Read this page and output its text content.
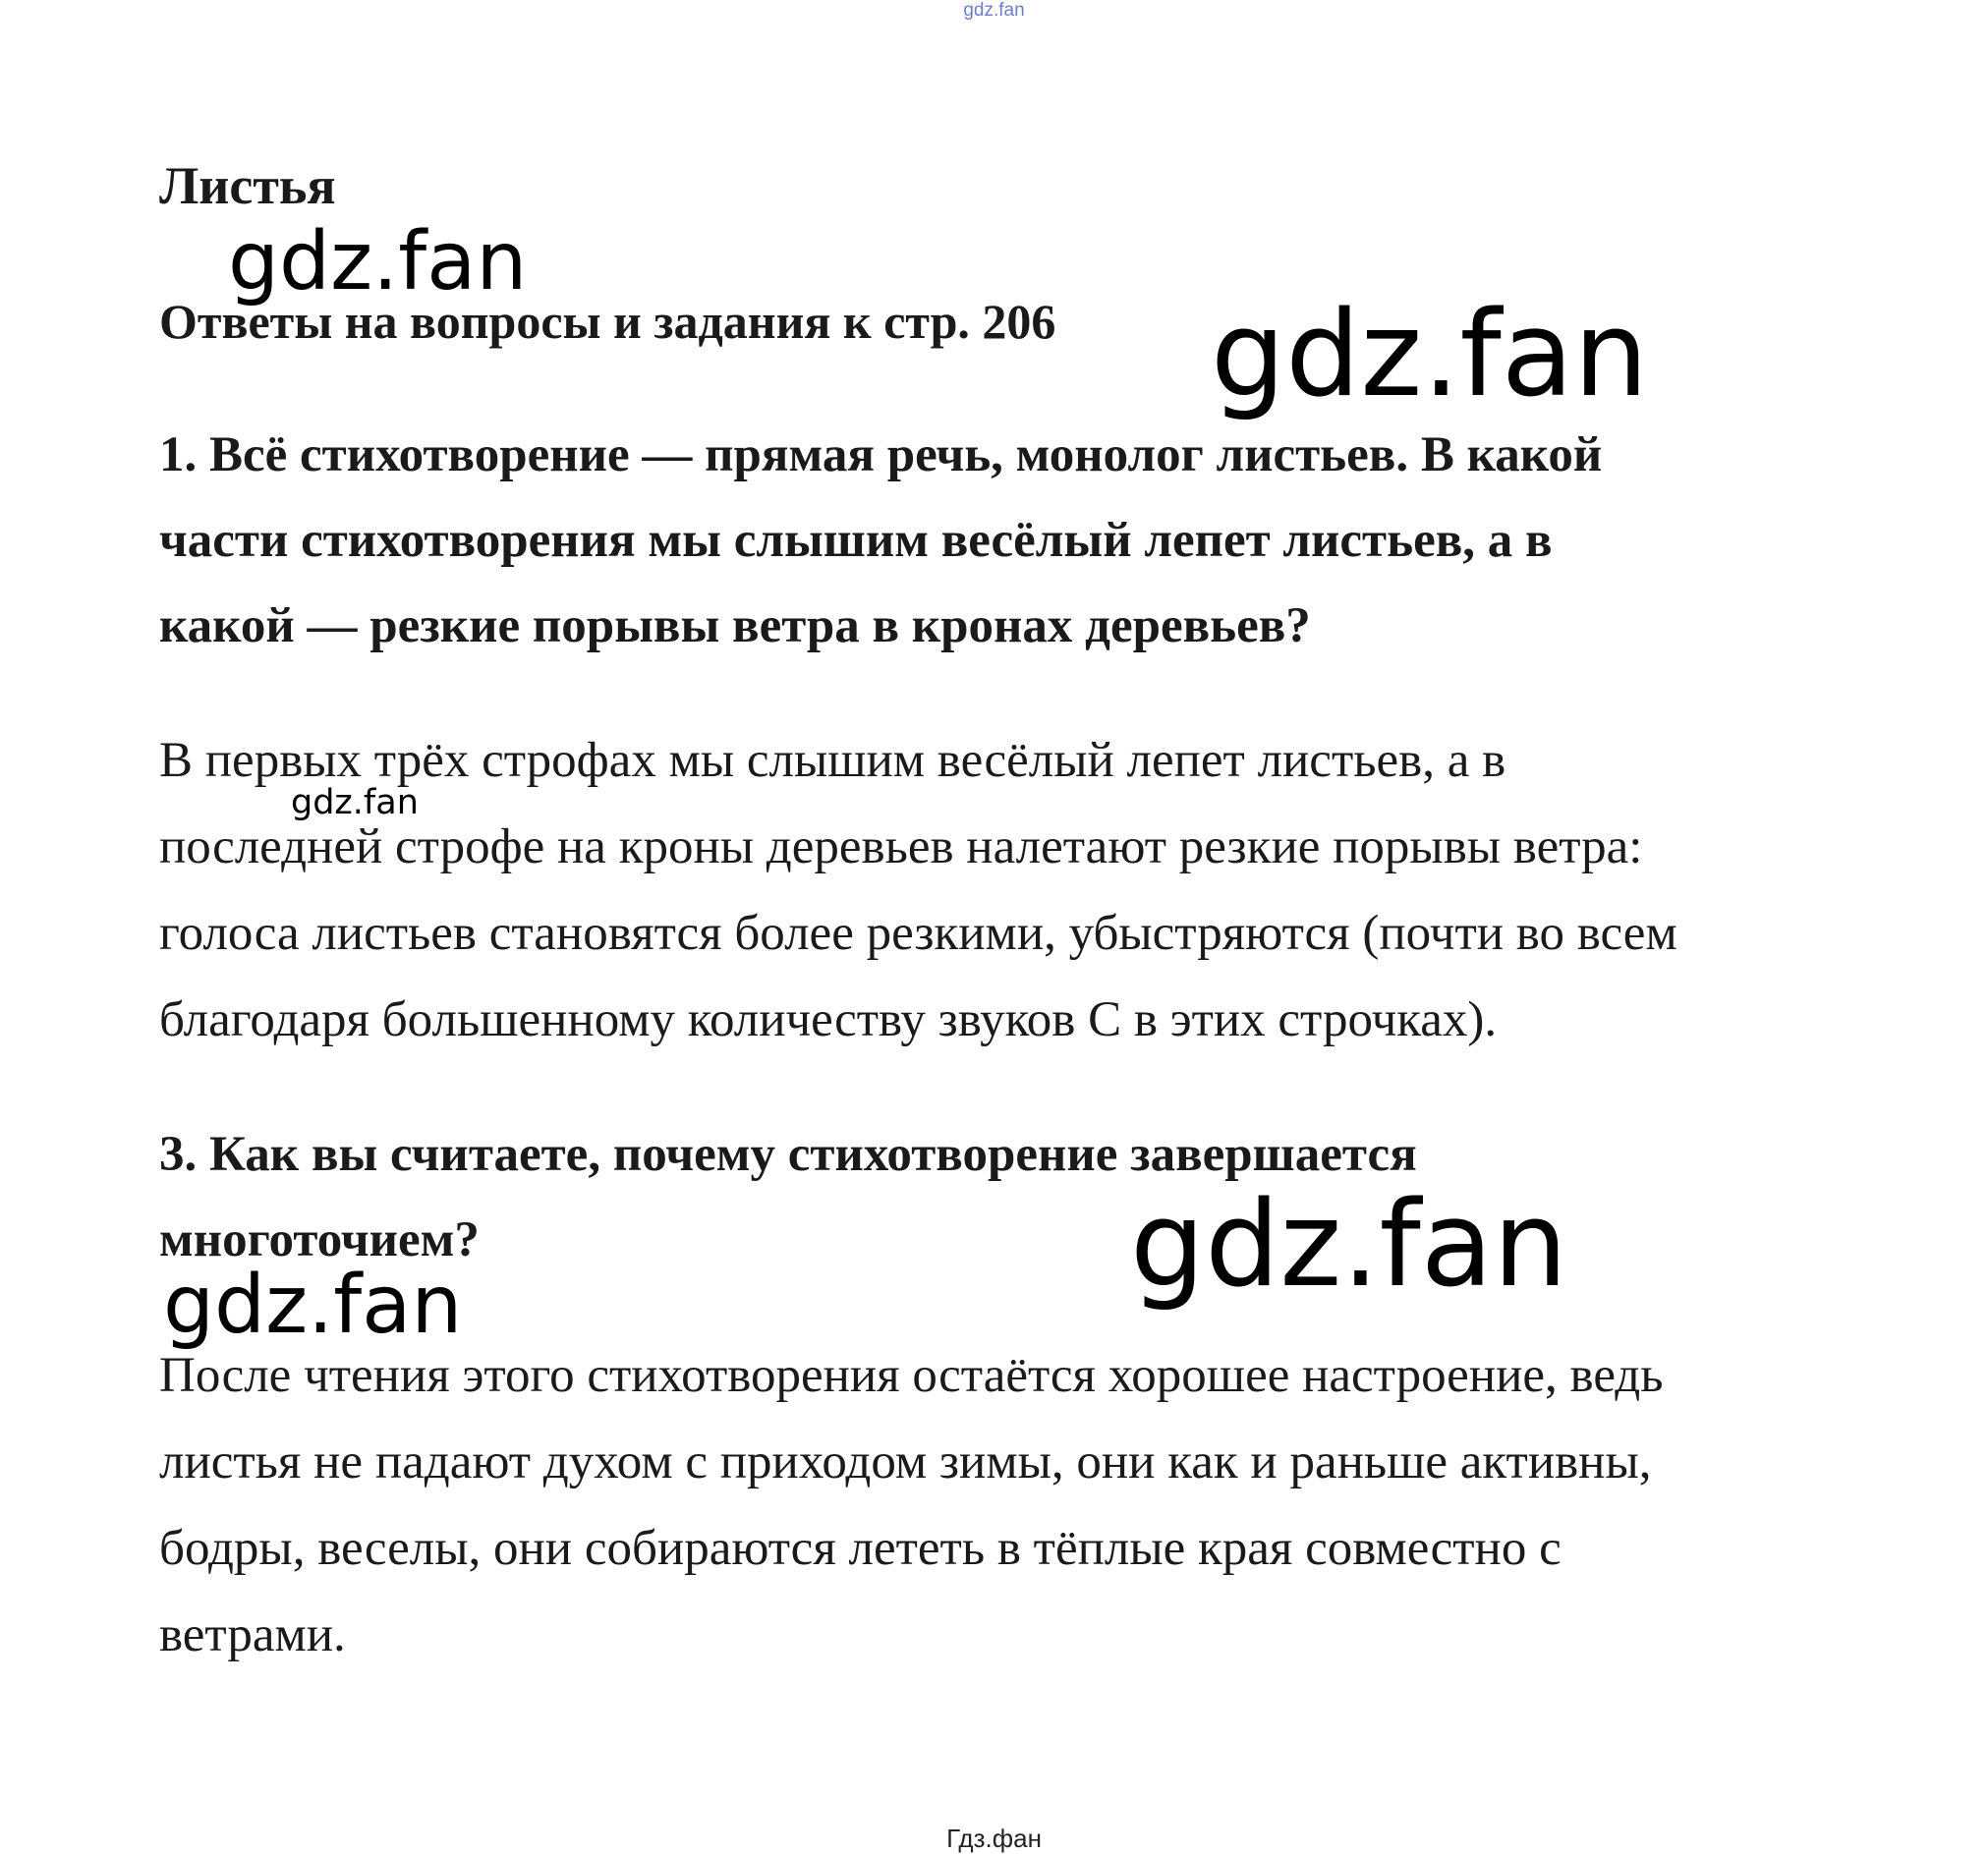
gdz.fan
Листья
Ответы на вопросы и задания к стр. 206
1. Всё стихотворение — прямая речь, монолог листьев. В какой
части стихотворения мы слышим весёлый лепет листьев, а в
какой — резкие порывы ветра в кронах деревьев?
В первых трёх строфах мы слышим весёлый лепет листьев, а в
последней строфе на кроны деревьев налетают резкие порывы ветра:
голоса листьев становятся более резкими, убыстряются (почти во всем
благодаря большенному количеству звуков С в этих строчках).
3. Как вы считаете, почему стихотворение завершается
многоточием?
После чтения этого стихотворения остаётся хорошее настроение, ведь
листья не падают духом с приходом зимы, они как и раньше активны,
бодры, веселы, они собираются лететь в тёплые края совместно с
ветрами.
gdz.fan
gdz.fan
gdz.fan
gdz.fan
gdz.fan
Гдз.фан
